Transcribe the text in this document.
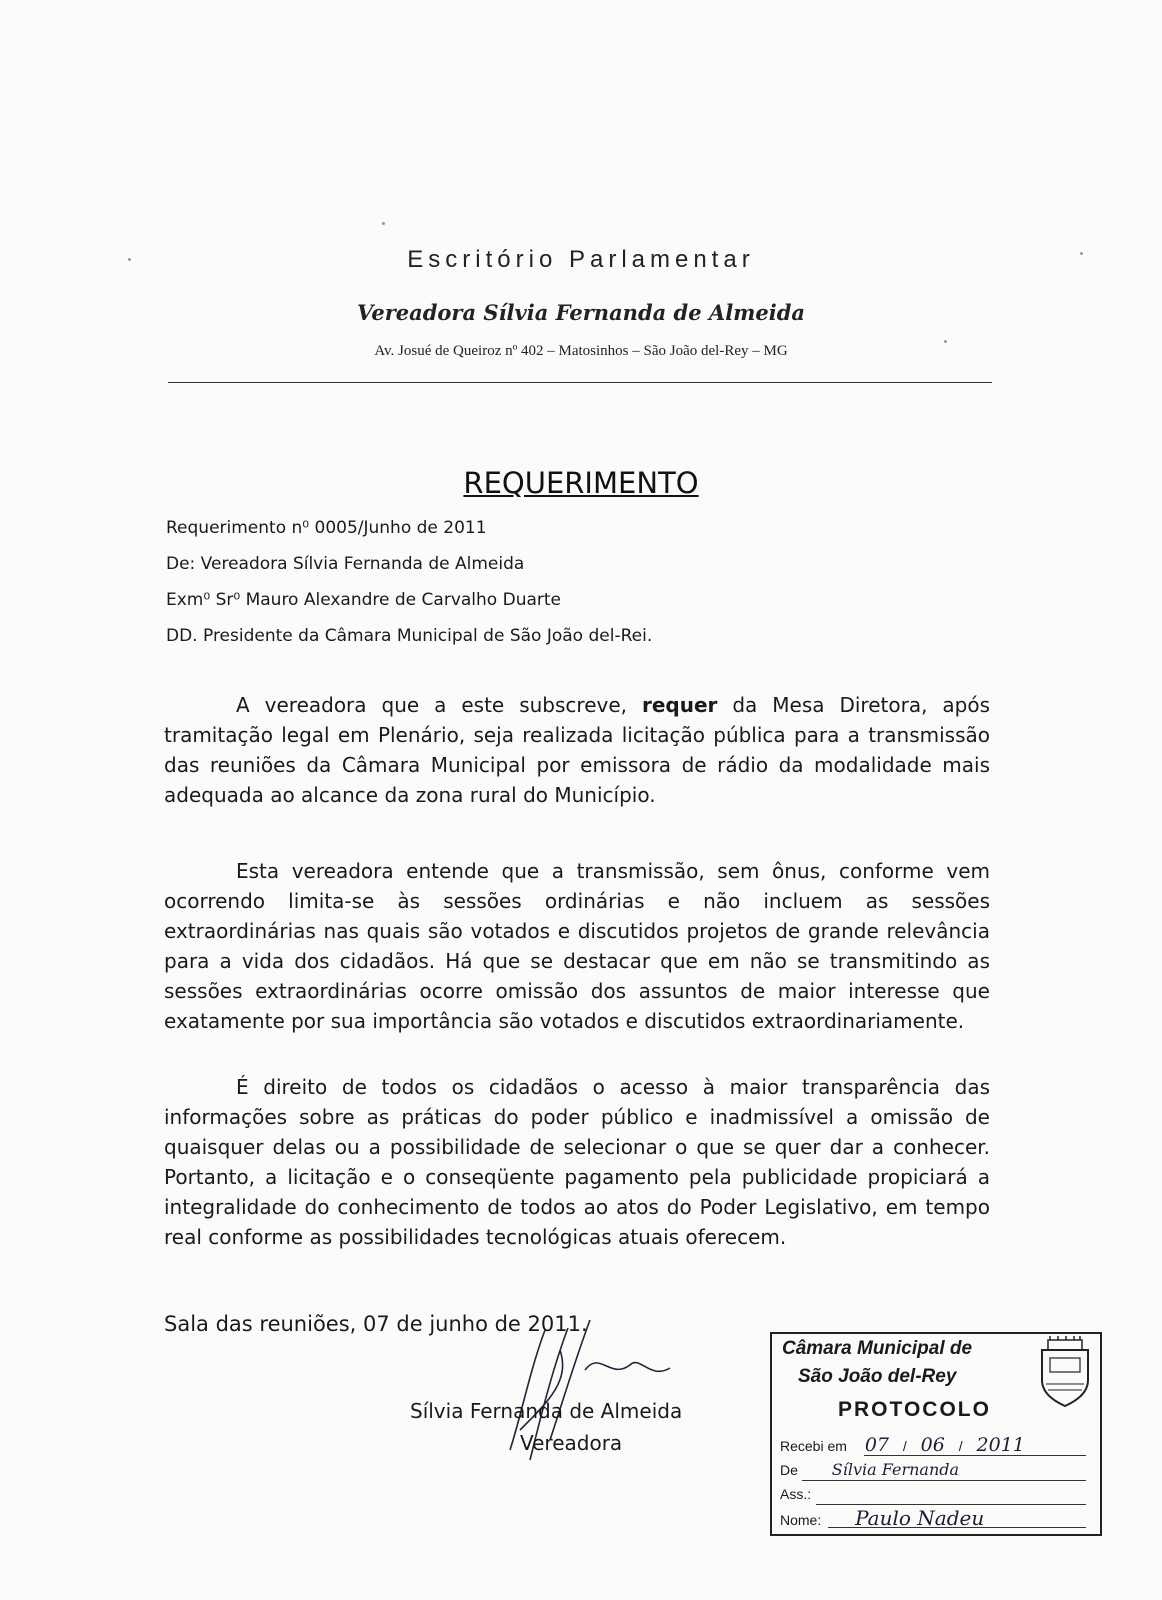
Escritório Parlamentar
Vereadora Sílvia Fernanda de Almeida
Av. Josué de Queiroz nº 402 – Matosinhos – São João del-Rey – MG
REQUERIMENTO
Requerimento n⁰ 0005/Junho de 2011
De: Vereadora Sílvia Fernanda de Almeida
Exm⁰ Sr⁰ Mauro Alexandre de Carvalho Duarte
DD. Presidente da Câmara Municipal de São João del-Rei.

A vereadora que a este subscreve, requer da Mesa Diretora, após tramitação legal em Plenário, seja realizada licitação pública para a transmissão das reuniões da Câmara Municipal por emissora de rádio da modalidade mais adequada ao alcance da zona rural do Município.

Esta vereadora entende que a transmissão, sem ônus, conforme vem ocorrendo limita-se às sessões ordinárias e não incluem as sessões extraordinárias nas quais são votados e discutidos projetos de grande relevância para a vida dos cidadãos. Há que se destacar que em não se transmitindo as sessões extraordinárias ocorre omissão dos assuntos de maior interesse que exatamente por sua importância são votados e discutidos extraordinariamente.

É direito de todos os cidadãos o acesso à maior transparência das informações sobre as práticas do poder público e inadmissível a omissão de quaisquer delas ou a possibilidade de selecionar o que se quer dar a conhecer. Portanto, a licitação e o conseqüente pagamento pela publicidade propiciará a integralidade do conhecimento de todos ao atos do Poder Legislativo, em tempo real conforme as possibilidades tecnológicas atuais oferecem.

Sala das reuniões, 07 de junho de 2011.
Sílvia Fernanda de Almeida
Vereadora
Câmara Municipal de
São João del-Rey
PROTOCOLO
Recebi em 07 / 06 / 2011
De Sílvia Fernanda
Ass.:
Nome: Paulo Nadeu
